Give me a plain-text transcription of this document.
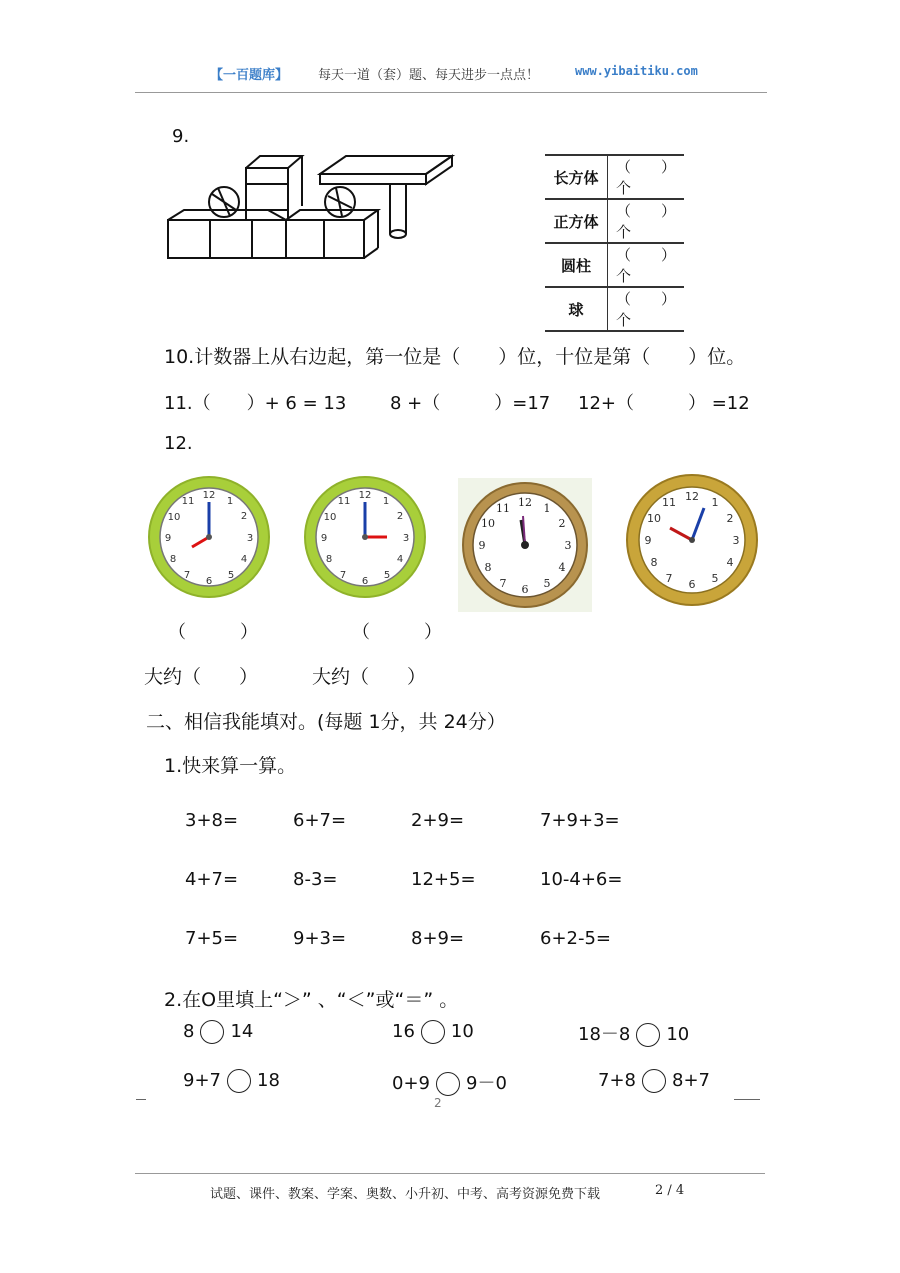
【一百题库】 每天一道（套）题、每天进步一点点！	www.yibaitiku.com
9.
长方体	（　　）个
正方体	（　　）个
圆柱	（　　）个
球	（　　）个
10.计数器上从右边起，第一位是（　　）位，十位是第（　　）位。
11.（　　）+ 6 = 13 8 +（　　　）=17 12+（　　　） =12
12.
12
1
2
3
4
5
6
7
8
9
10
11
12
1
2
3
4
5
6
7
8
9
10
11	12 1
2
3
4
5
6
7
8
9
10
11
12 1
2
3
4
5
6
7
8
9
10
11
（　　　）	（　　　）
大约（　　）	大约（　　）
二、相信我能填对。(每题 1分，共 24分）
1.快来算一算。
3+8=	6+7=	2+9=	7+9+3=
4+7=	8-3=	12+5=	10-4+6=
7+5=	9+3=	8+9=	6+2-5=
2.在O里填上“＞” 、“＜”或“＝” 。
8 14	16 10	18－8 10
9+7 18	0+9 9－0	7+8 8+7
2
试题、课件、教案、学案、奥数、小升初、中考、高考资源免费下载	2 / 4
